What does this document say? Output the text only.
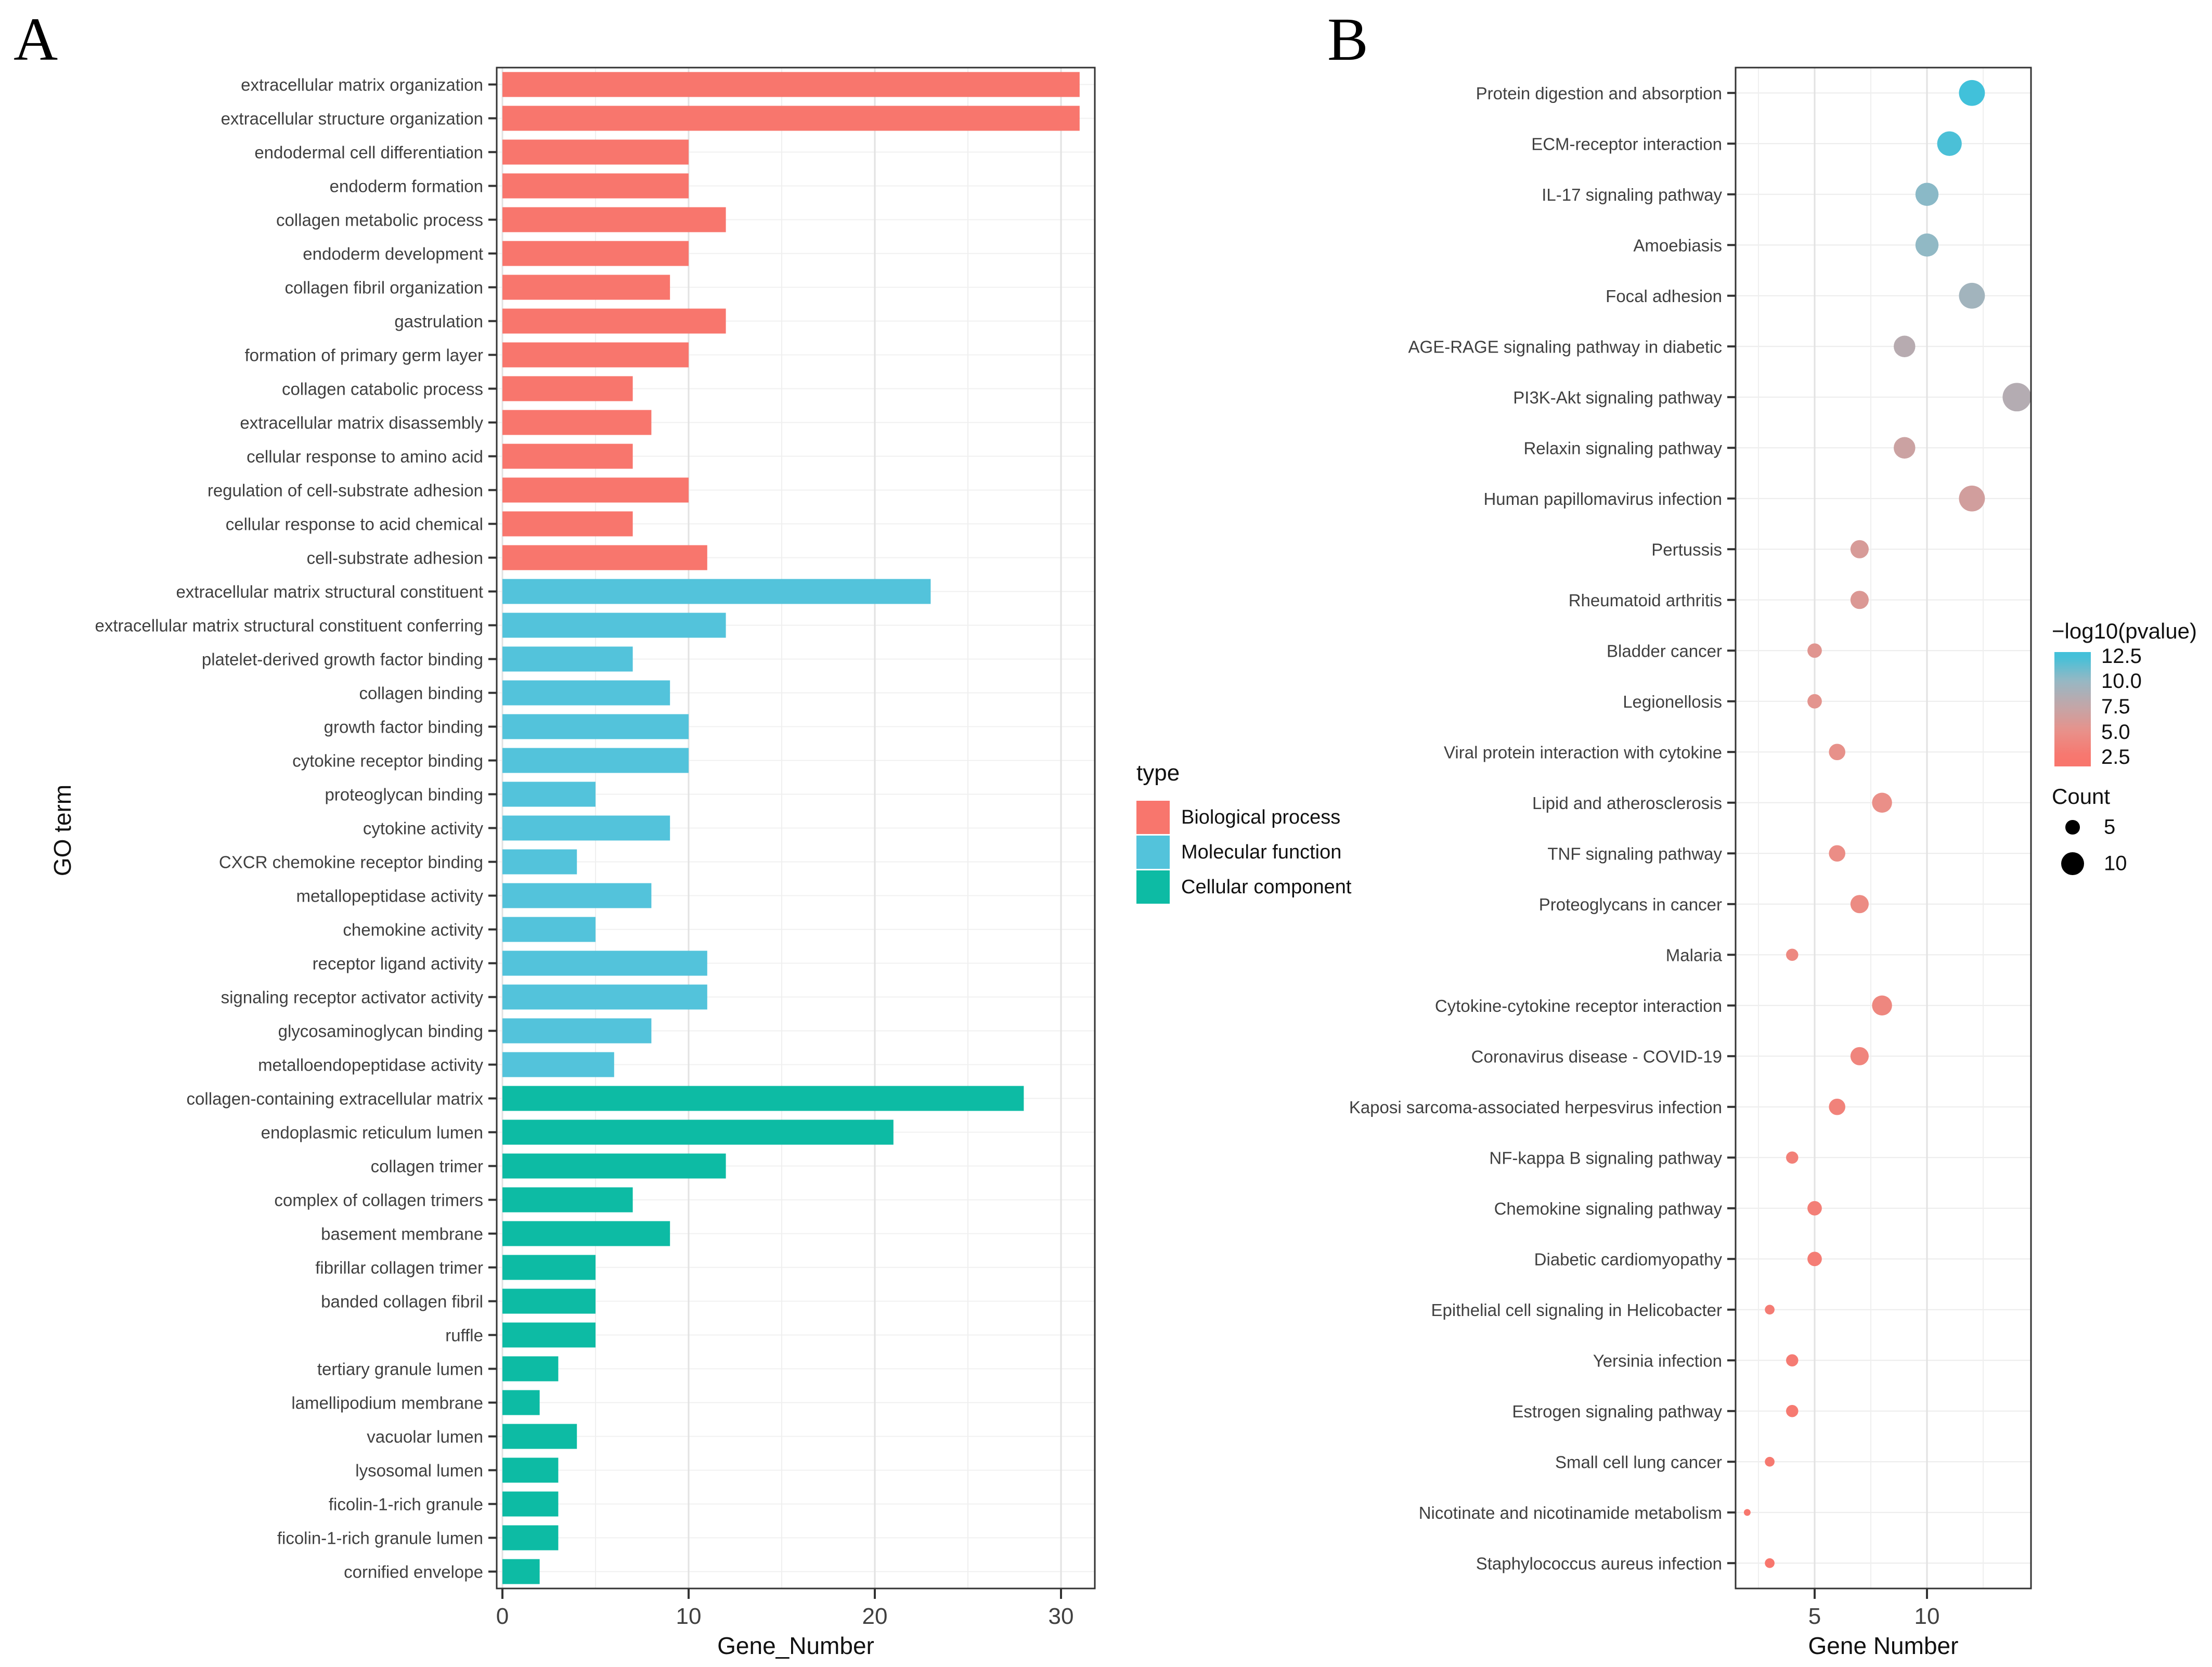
extracellular matrix organization
extracellular structure organization
endodermal cell differentiation
endoderm formation
collagen metabolic process
endoderm development
collagen fibril organization
gastrulation
formation of primary germ layer
collagen catabolic process
extracellular matrix disassembly
cellular response to amino acid
regulation of cell-substrate adhesion
cellular response to acid chemical
cell-substrate adhesion
extracellular matrix structural constituent
extracellular matrix structural constituent conferring
platelet-derived growth factor binding
collagen binding
growth factor binding
cytokine receptor binding
proteoglycan binding
cytokine activity
CXCR chemokine receptor binding
metallopeptidase activity
chemokine activity
receptor ligand activity
signaling receptor activator activity
glycosaminoglycan binding
metalloendopeptidase activity
collagen-containing extracellular matrix
endoplasmic reticulum lumen
collagen trimer
complex of collagen trimers
basement membrane
fibrillar collagen trimer
banded collagen fibril
ruffle
tertiary granule lumen
lamellipodium membrane
vacuolar lumen
lysosomal lumen
ficolin-1-rich granule
ficolin-1-rich granule lumen
cornified envelope
0	10	20	30
Protein digestion and absorption
ECM-receptor interaction
IL-17 signaling pathway
Amoebiasis
Focal adhesion
AGE-RAGE signaling pathway in diabetic
PI3K-Akt signaling pathway
Relaxin signaling pathway
Human papillomavirus infection
Pertussis
Rheumatoid arthritis
Bladder cancer
Legionellosis
Viral protein interaction with cytokine
Lipid and atherosclerosis
TNF signaling pathway
Proteoglycans in cancer
Malaria
Cytokine-cytokine receptor interaction
Coronavirus disease - COVID-19
Kaposi sarcoma-associated herpesvirus infection
NF-kappa B signaling pathway
Chemokine signaling pathway
Diabetic cardiomyopathy
Epithelial cell signaling in Helicobacter
Yersinia infection
Estrogen signaling pathway
Small cell lung cancer
Nicotinate and nicotinamide metabolism
Staphylococcus aureus infection
5	10
A	B
Gene_Number
GO term
Gene Number
type
Biological process
Molecular function
Cellular component
−log10(pvalue)
12.5
10.0
7.5
5.0
2.5
Count
5
10
